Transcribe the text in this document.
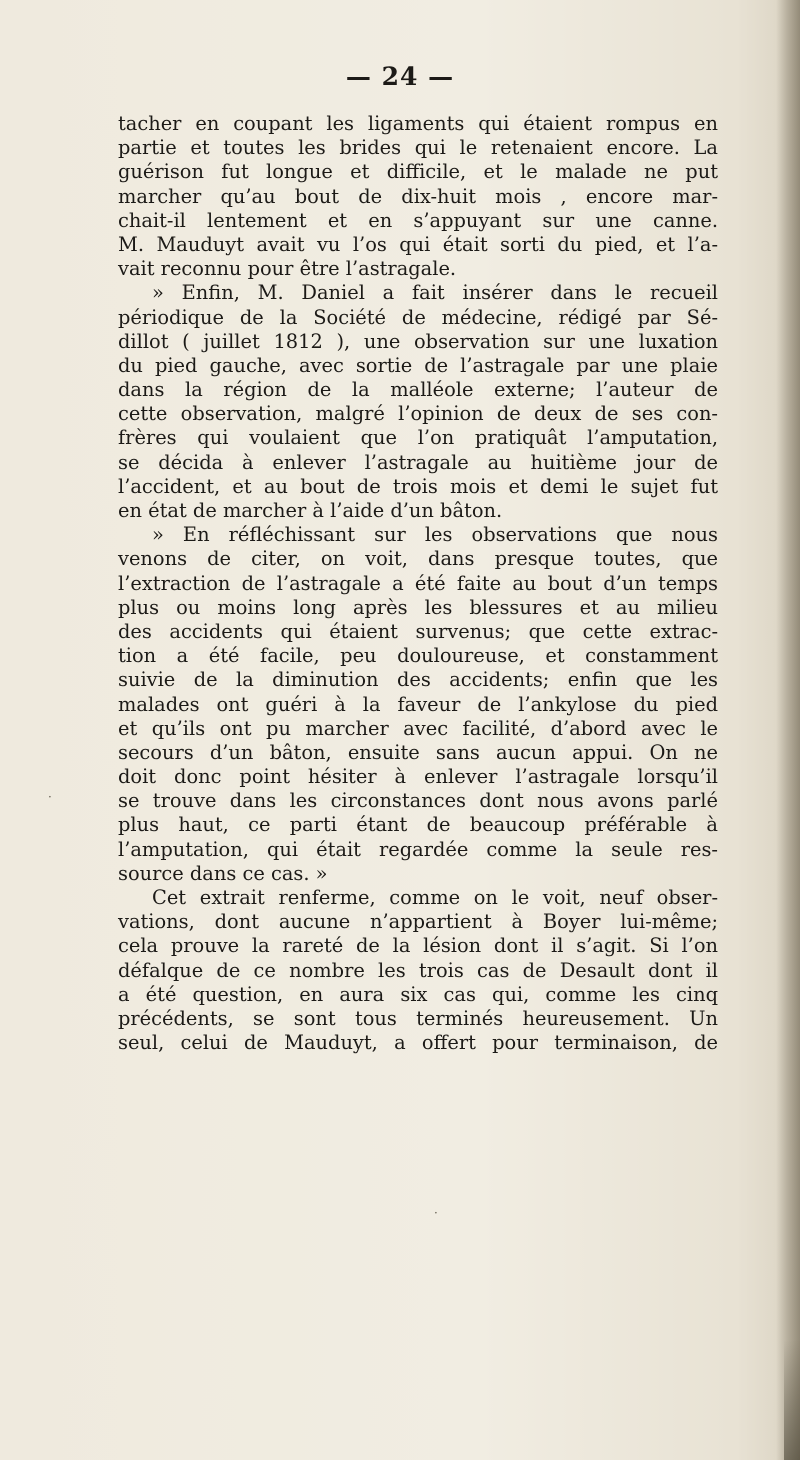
— 24 —
tacher en coupant les ligaments qui étaient rompus en
partie et toutes les brides qui le retenaient encore. La
guérison fut longue et difficile, et le malade ne put
marcher qu’au bout de dix-huit mois , encore mar-
chait-il lentement et en s’appuyant sur une canne.
M. Mauduyt avait vu l’os qui était sorti du pied, et l’a-
vait reconnu pour être l’astragale.
» Enfin, M. Daniel a fait insérer dans le recueil
périodique de la Société de médecine, rédigé par Sé-
dillot ( juillet 1812 ), une observation sur une luxation
du pied gauche, avec sortie de l’astragale par une plaie
dans la région de la malléole externe; l’auteur de
cette observation, malgré l’opinion de deux de ses con-
frères qui voulaient que l’on pratiquât l’amputation,
se décida à enlever l’astragale au huitième jour de
l’accident, et au bout de trois mois et demi le sujet fut
en état de marcher à l’aide d’un bâton.
» En réfléchissant sur les observations que nous
venons de citer, on voit, dans presque toutes, que
l’extraction de l’astragale a été faite au bout d’un temps
plus ou moins long après les blessures et au milieu
des accidents qui étaient survenus; que cette extrac-
tion a été facile, peu douloureuse, et constamment
suivie de la diminution des accidents; enfin que les
malades ont guéri à la faveur de l’ankylose du pied
et qu’ils ont pu marcher avec facilité, d’abord avec le
secours d’un bâton, ensuite sans aucun appui. On ne
doit donc point hésiter à enlever l’astragale lorsqu’il
se trouve dans les circonstances dont nous avons parlé
plus haut, ce parti étant de beaucoup préférable à
l’amputation, qui était regardée comme la seule res-
source dans ce cas. »
Cet extrait renferme, comme on le voit, neuf obser-
vations, dont aucune n’appartient à Boyer lui-même;
cela prouve la rareté de la lésion dont il s’agit. Si l’on
défalque de ce nombre les trois cas de Desault dont il
a été question, en aura six cas qui, comme les cinq
précédents, se sont tous terminés heureusement. Un
seul, celui de Mauduyt, a offert pour terminaison, de
·
·
